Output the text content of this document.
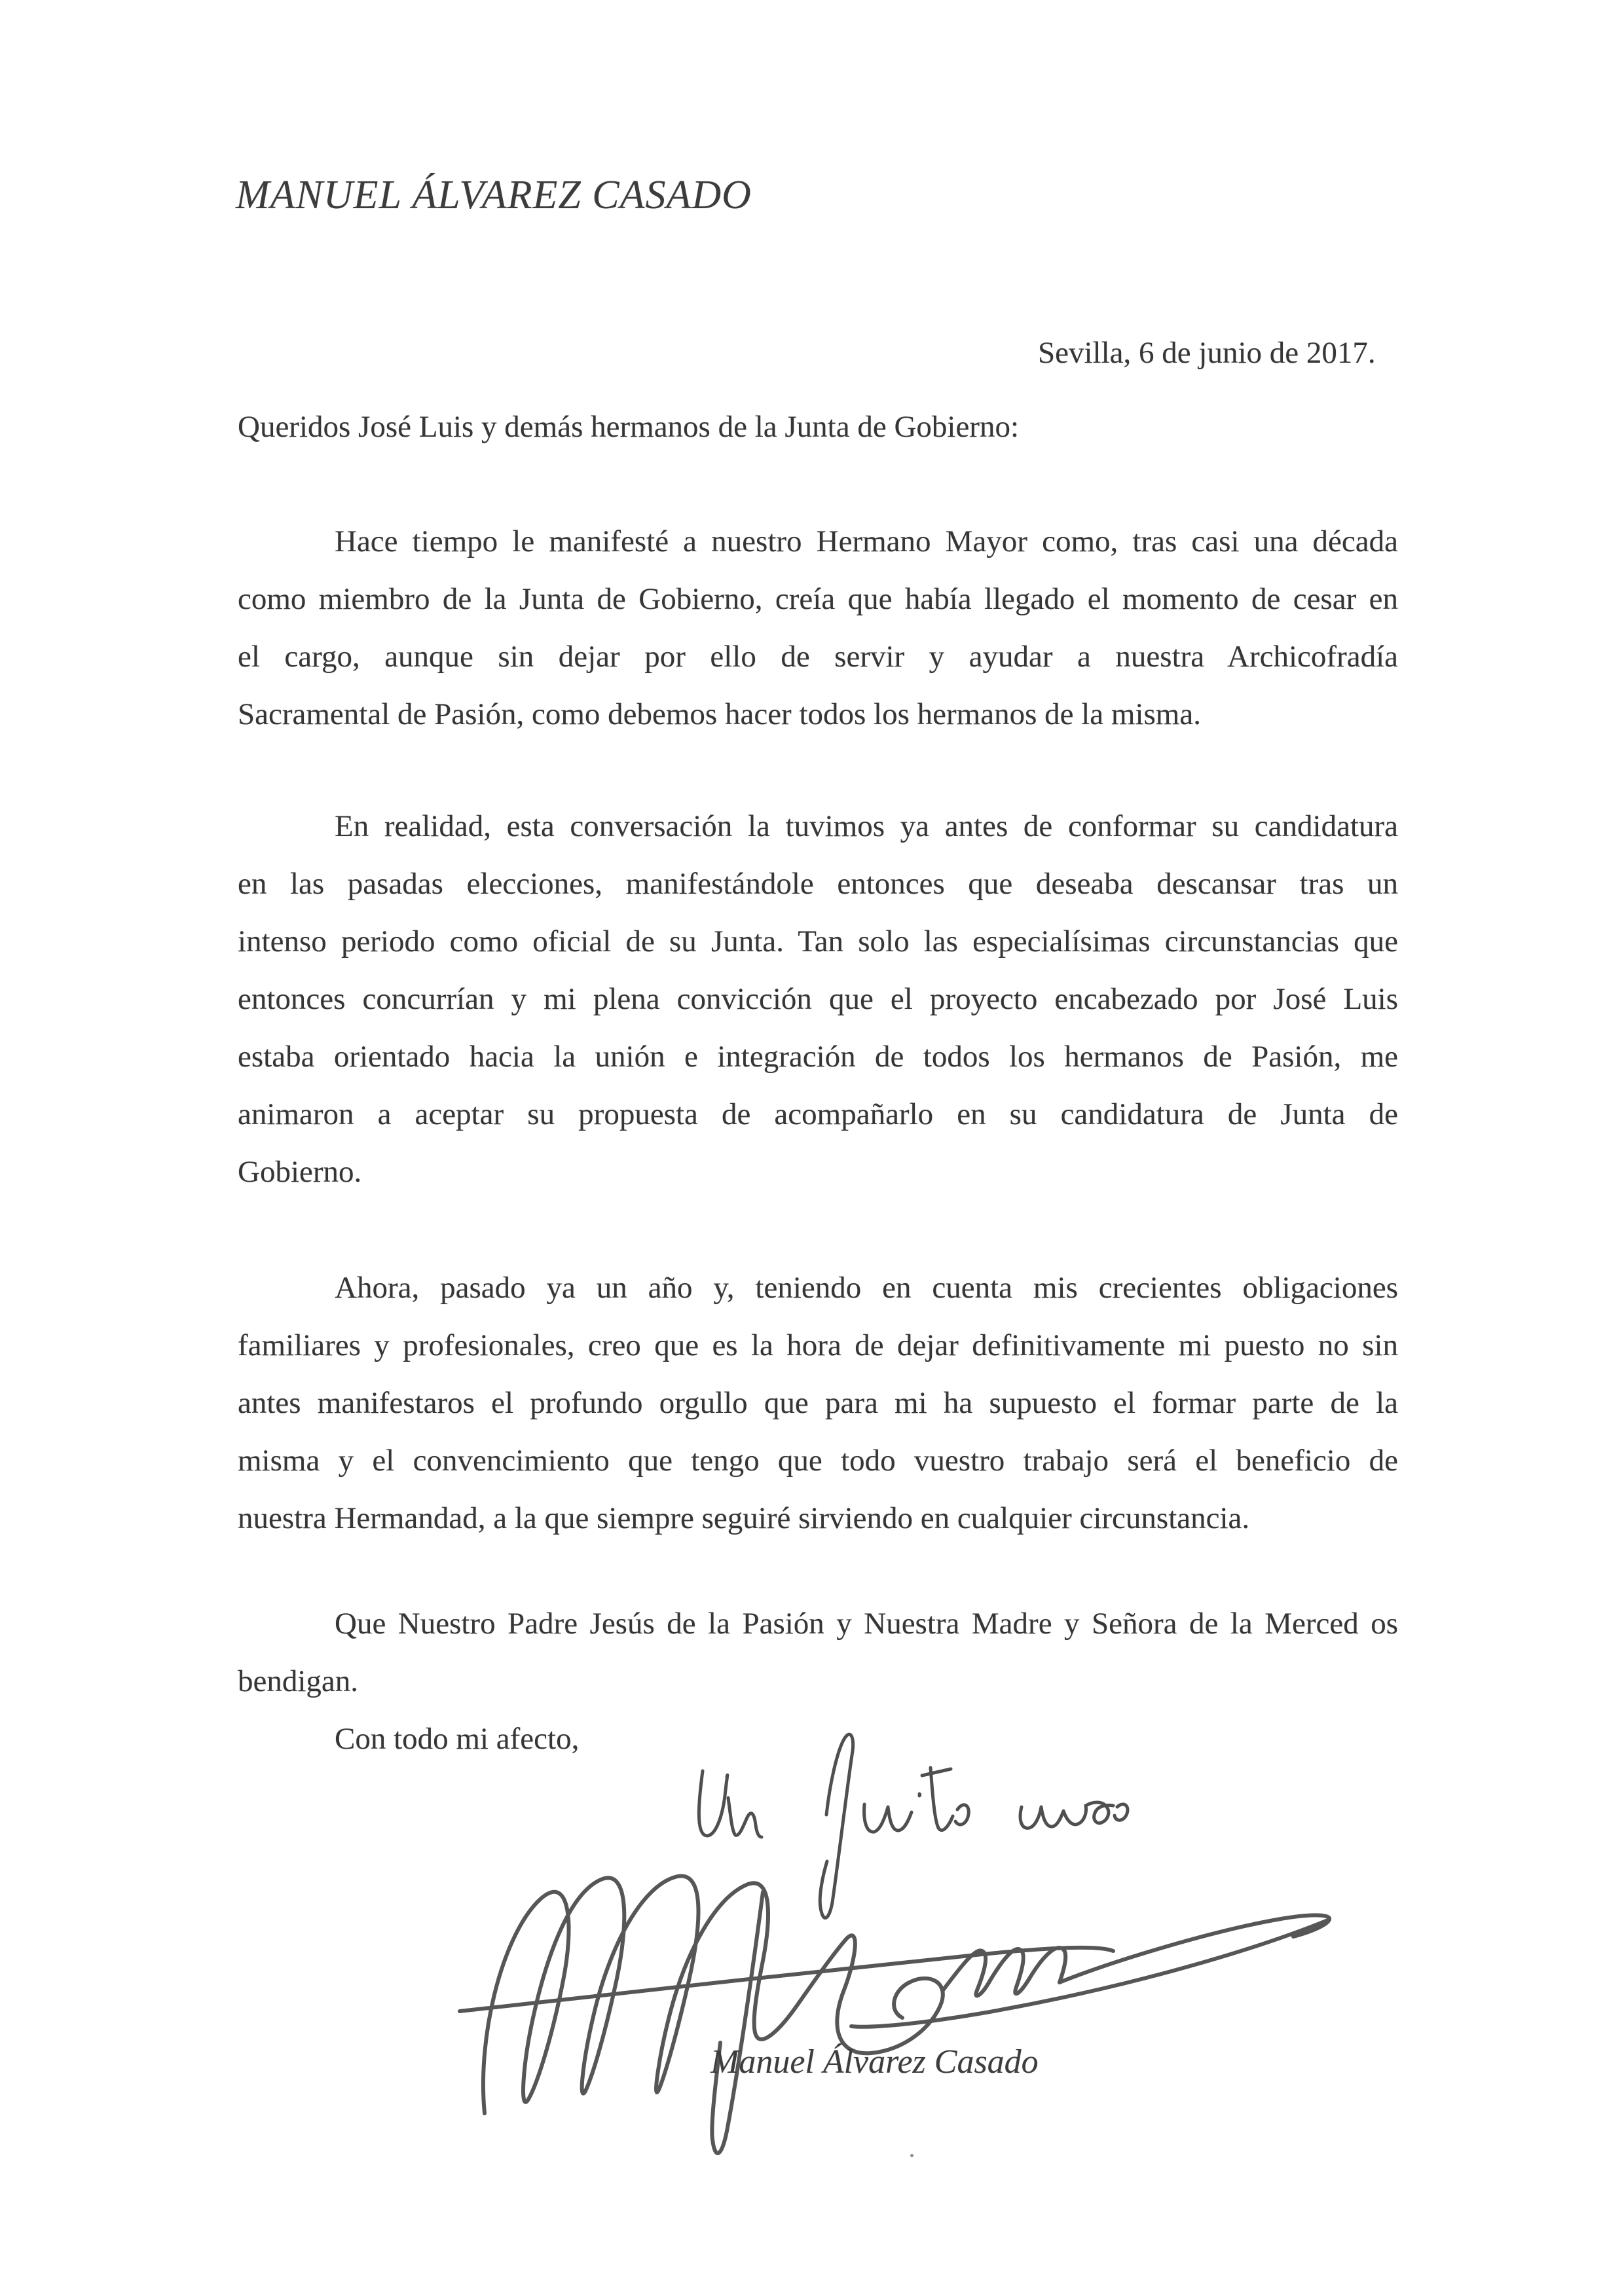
MANUEL ÁLVAREZ CASADO
Sevilla, 6 de junio de 2017.
Queridos José Luis y demás hermanos de la Junta de Gobierno:
Hace tiempo le manifesté a nuestro Hermano Mayor como, tras casi una década
como miembro de la Junta de Gobierno, creía que había llegado el momento de cesar en
el cargo, aunque sin dejar por ello de servir y ayudar a nuestra Archicofradía
Sacramental de Pasión, como debemos hacer todos los hermanos de la misma.
En realidad, esta conversación la tuvimos ya antes de conformar su candidatura
en las pasadas elecciones, manifestándole entonces que deseaba descansar tras un
intenso periodo como oficial de su Junta. Tan solo las especialísimas circunstancias que
entonces concurrían y mi plena convicción que el proyecto encabezado por José Luis
estaba orientado hacia la unión e integración de todos los hermanos de Pasión, me
animaron a aceptar su propuesta de acompañarlo en su candidatura de Junta de
Gobierno.
Ahora, pasado ya un año y, teniendo en cuenta mis crecientes obligaciones
familiares y profesionales, creo que es la hora de dejar definitivamente mi puesto no sin
antes manifestaros el profundo orgullo que para mi ha supuesto el formar parte de la
misma y el convencimiento que tengo que todo vuestro trabajo será el beneficio de
nuestra Hermandad, a la que siempre seguiré sirviendo en cualquier circunstancia.
Que Nuestro Padre Jesús de la Pasión y Nuestra Madre y Señora de la Merced os
bendigan.
Con todo mi afecto,
Manuel Álvarez Casado
